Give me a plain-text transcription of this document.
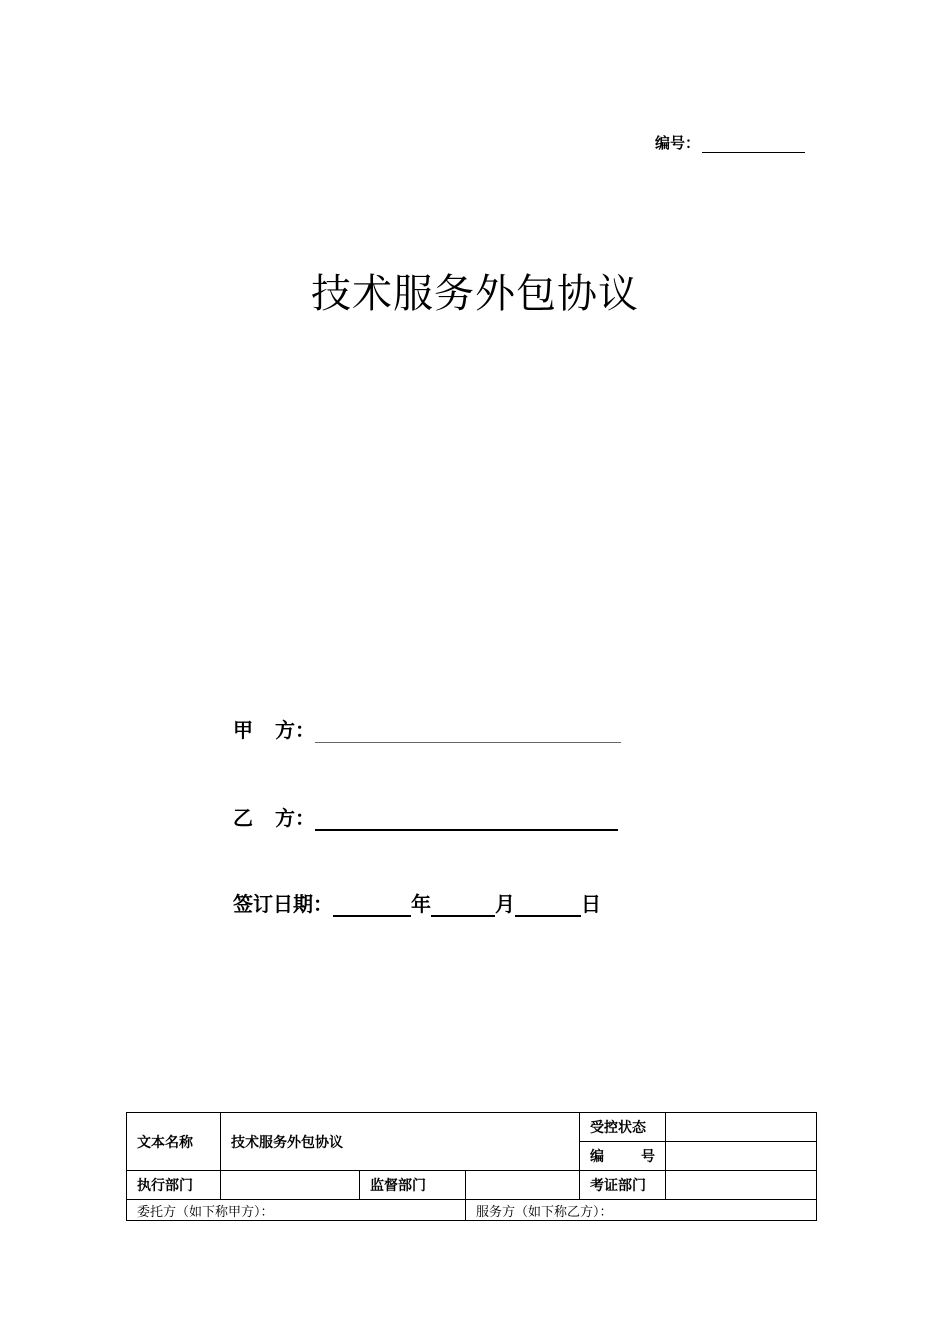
编号：
技术服务外包协议
甲 方：
乙 方：
签订日期：	年	月	日
文本名称	技术服务外包协议			受控状态	

				编 号	

执行部门		监督部门		考证部门	
委托方（如下称甲方）：			服务方（如下称乙方）：		
